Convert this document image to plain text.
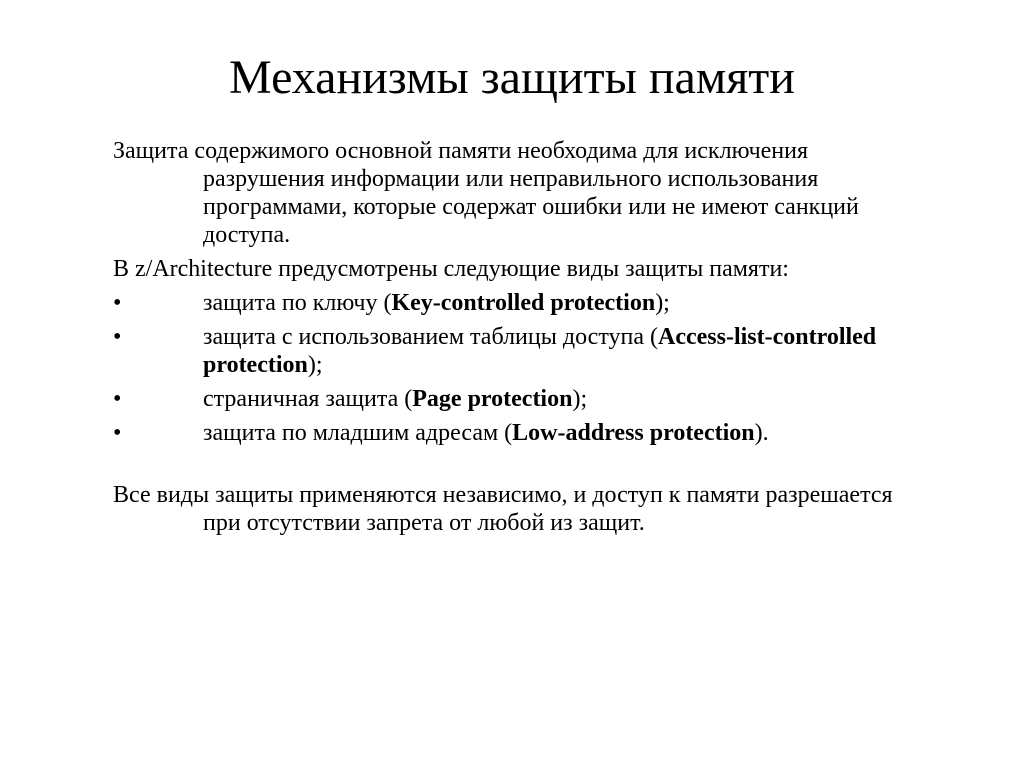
Механизмы защиты памяти

Защита содержимого основной памяти необходима для исключения разрушения информации или неправильного использования программами, которые содержат ошибки или не имеют санкций доступа.

В z/Architecture предусмотрены следующие виды защиты памяти:

•	защита по ключу (Key-controlled protection);
•	защита с использованием таблицы доступа (Access-list-controlled protection);
•	страничная защита (Page protection);
•	защита по младшим адресам (Low-address protection).

Все виды защиты применяются независимо, и доступ к памяти разрешается при отсутствии запрета от любой из защит.
